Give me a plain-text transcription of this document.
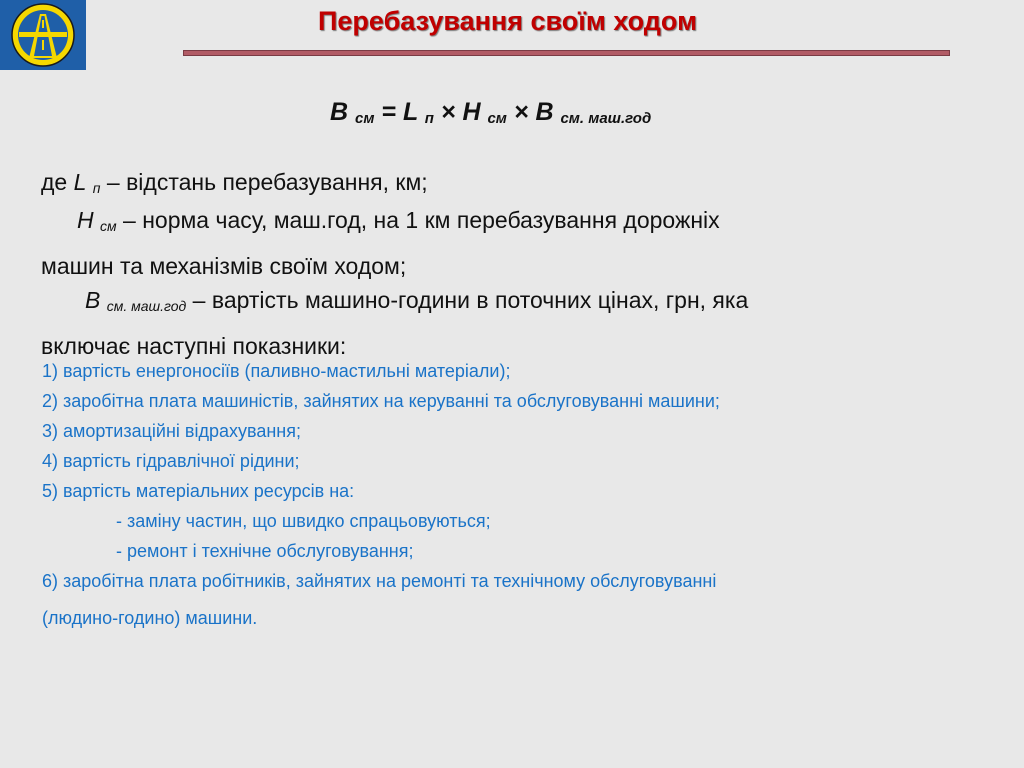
Перебазування своїм ходом
В $_{см}$ = L $_п$ × Н $_{см}$ × В $_{см. маш.год}$
де L $_п$ – відстань перебазування, км;
Н $_{см}$ – норма часу, маш.год, на 1 км перебазування дорожніх
машин та механізмів своїм ходом;
В $_{см. маш.год}$ – вартість машино-години в поточних цінах, грн, яка
включає наступні показники:
1) вартість енергоносіїв (паливно-мастильні матеріали);
2) заробітна плата машиністів, зайнятих на керуванні та обслуговуванні машини;
3) амортизаційні відрахування;
4) вартість гідравлічної рідини;
5) вартість матеріальних ресурсів на:
- заміну частин, що швидко спрацьовуються;
- ремонт і технічне обслуговування;
6) заробітна плата робітників, зайнятих на ремонті та технічному обслуговуванні
(людино-годино) машини.
